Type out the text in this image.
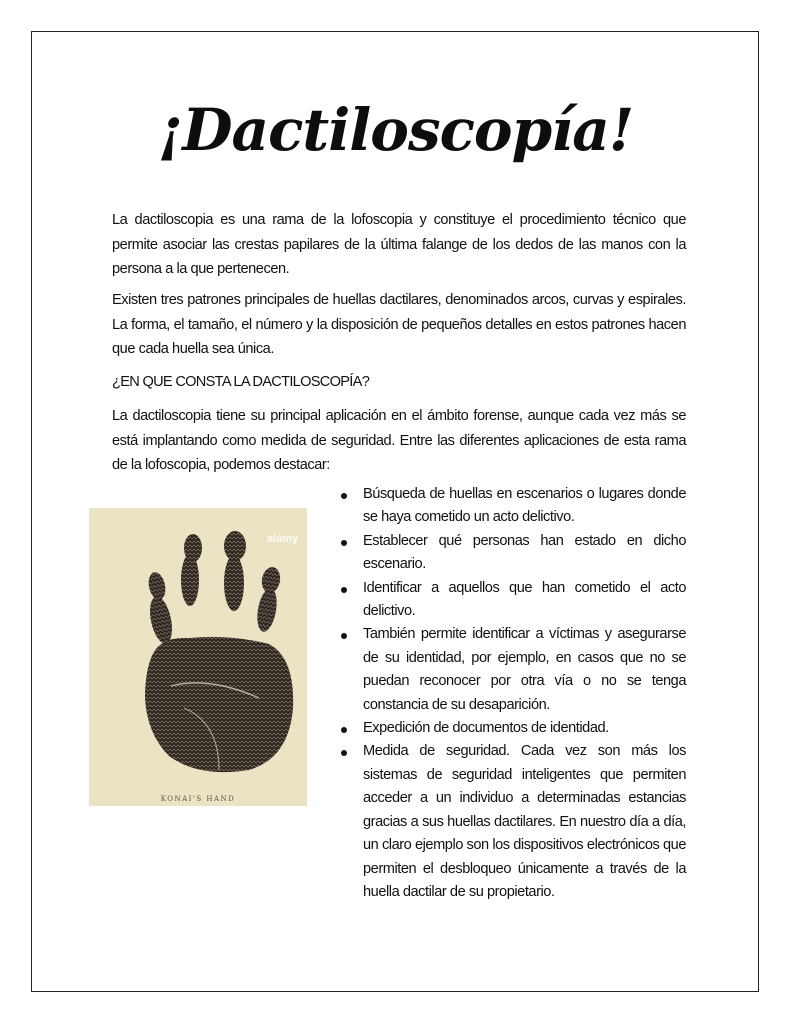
¡Dactiloscopía!

La dactiloscopia es una rama de la lofoscopia y constituye el procedimiento técnico que permite asociar las crestas papilares de la última falange de los dedos de las manos con la persona a la que pertenecen.

Existen tres patrones principales de huellas dactilares, denominados arcos, curvas y espirales. La forma, el tamaño, el número y la disposición de pequeños detalles en estos patrones hacen que cada huella sea única.

¿EN QUE CONSTA LA DACTILOSCOPÍA?

La dactiloscopia tiene su principal aplicación en el ámbito forense, aunque cada vez más se está implantando como medida de seguridad. Entre las diferentes aplicaciones de esta rama de la lofoscopia, podemos destacar:

KONAI'S HAND
alamy
Búsqueda de huellas en escenarios o lugares donde se haya cometido un acto delictivo.
Establecer qué personas han estado en dicho escenario.
Identificar a aquellos que han cometido el acto delictivo.
También permite identificar a víctimas y asegurarse de su identidad, por ejemplo, en casos que no se puedan reconocer por otra vía o no se tenga constancia de su desaparición.
Expedición de documentos de identidad.
Medida de seguridad. Cada vez son más los sistemas de seguridad inteligentes que permiten acceder a un individuo a determinadas estancias gracias a sus huellas dactilares. En nuestro día a día, un claro ejemplo son los dispositivos electrónicos que permiten el desbloqueo únicamente a través de la huella dactilar de su propietario.
